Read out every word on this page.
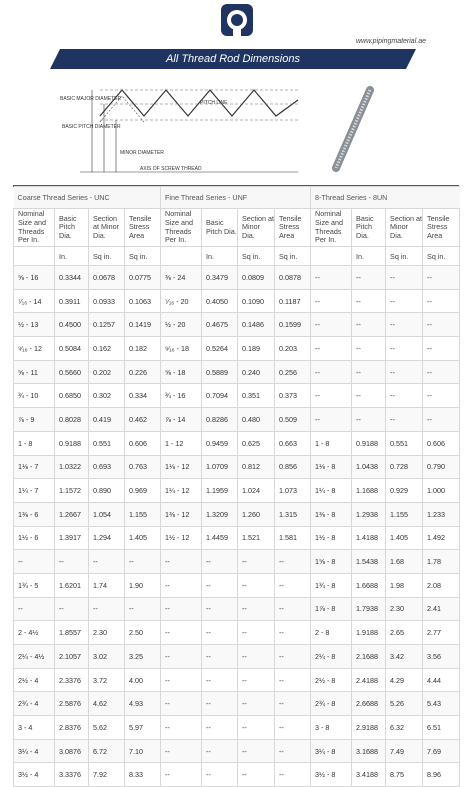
www.pipingmaterial.ae
All Thread Rod Dimensions
BASIC MAJOR DIAMETER
PITCH LINE
BASIC PITCH DIAMETER
MINOR DIAMETER
AXIS OF SCREW THREAD
Coarse Thread Series - UNC				Fine Thread Series - UNF				8-Thread Series - 8UN			
Nominal Size and Threads Per In.	Basic Pitch Dia.	Section at Minor Dia.	Tensile Stress Area	Nominal Size and Threads Per In.	Basic Pitch Dia.	Section at Minor Dia.	Tensile Stress Area	Nominal Size and Threads Per In.	Basic Pitch Dia.	Section at Minor Dia.	Tensile Stress Area
	In.	Sq in.	Sq in.		In.	Sq in.	Sq in.		In.	Sq in.	Sq in.
⅝ - 16	0.3344	0.0678	0.0775	⅜ - 24	0.3479	0.0809	0.0878	--	--	--	--
⁷⁄₁₆ - 14	0.3911	0.0933	0.1063	⁷⁄₁₆ - 20	0.4050	0.1090	0.1187	--	--	--	--
½ - 13	0.4500	0.1257	0.1419	½ - 20	0.4675	0.1486	0.1599	--	--	--	--
⁹⁄₁₆ - 12	0.5084	0.162	0.182	⁹⁄₁₆ - 18	0.5264	0.189	0.203	--	--	--	--
⅝ - 11	0.5660	0.202	0.226	⅝ - 18	0.5889	0.240	0.256	--	--	--	--
¾ - 10	0.6850	0.302	0.334	¾ - 16	0.7094	0.351	0.373	--	--	--	--
⅞ - 9	0.8028	0.419	0.462	⅞ - 14	0.8286	0.480	0.509	--	--	--	--
1 - 8	0.9188	0.551	0.606	1 - 12	0.9459	0.625	0.663	1 - 8	0.9188	0.551	0.606
1⅛ - 7	1.0322	0.693	0.763	1⅛ - 12	1.0709	0.812	0.856	1⅛ - 8	1.0438	0.728	0.790
1¼ - 7	1.1572	0.890	0.969	1¼ - 12	1.1959	1.024	1.073	1¼ - 8	1.1688	0.929	1.000
1⅜ - 6	1.2667	1.054	1.155	1⅜ - 12	1.3209	1.260	1.315	1⅜ - 8	1.2938	1.155	1.233
1½ - 6	1.3917	1.294	1.405	1½ - 12	1.4459	1.521	1.581	1½ - 8	1.4188	1.405	1.492
--	--	--	--	--	--	--	--	1⅝ - 8	1.5438	1.68	1.78
1¾ - 5	1.6201	1.74	1.90	--	--	--	--	1¾ - 8	1.6688	1.98	2.08
--	--	--	--	--	--	--	--	1⅞ - 8	1.7938	2.30	2.41
2 - 4½	1.8557	2.30	2.50	--	--	--	--	2 - 8	1.9188	2.65	2.77
2¼ - 4½	2.1057	3.02	3.25	--	--	--	--	2¼ - 8	2.1688	3.42	3.56
2½ - 4	2.3376	3.72	4.00	--	--	--	--	2½ - 8	2.4188	4.29	4.44
2¾ - 4	2.5876	4.62	4.93	--	--	--	--	2¾ - 8	2.6688	5.26	5.43
3 - 4	2.8376	5.62	5.97	--	--	--	--	3 - 8	2.9188	6.32	6.51
3¼ - 4	3.0876	6.72	7.10	--	--	--	--	3¼ - 8	3.1688	7.49	7.69
3½ - 4	3.3376	7.92	8.33	--	--	--	--	3½ - 8	3.4188	8.75	8.96
